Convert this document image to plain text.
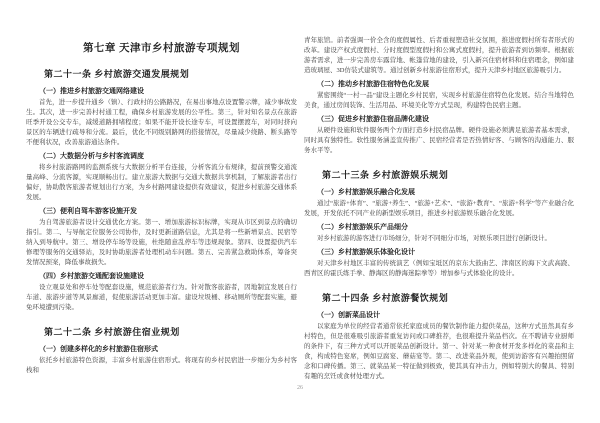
第七章 天津市乡村旅游专项规划

第二十一条 乡村旅游交通发展规划

（一）推进乡村旅游交通网络建设

首先，进一步提升通乡（镇）、行政村的公路路况，在易出事地点设置警示牌，减少事故发生。其次，进一步完善村村通工程，确保乡村旅游发展的公平性。第三，针对知名景点在旅游旺季开设公交专车，减缓道路拥堵程度；如果不能开设长途专车，可设置摆渡车，对同时挤向景区的车辆进行疏导和分流。最后，优化不同级别路网的搭接情况，尽量减少绕路、断头路等不便利状况，改善旅游通达条件。

（二）大数据分析与乡村客流调度

将乡村旅游路网的监测系统与大数据分析平台连接，分析客流分布规律，提前预警交通流量高峰、分流客源，实现顺畅出行。建立旅游大数据与交通大数据共享机制，了解旅游者出行偏好，协助散客旅游者规划出行方案，为乡村路网建设提供有效建议，促进乡村旅游交通体系发展。

（三）便利自驾车游客设施开发

为自驾游旅游者设计交通优化方案。第一、增加旅游标识标牌，实现从市区到景点的确切指引。第二、与导航定位服务公司协作，及时更新道路信息，尤其是将一些新增景点、民宿等纳入到导航中。第三、增设停车场等设施，杜绝随意乱停车等违规现象。第四、设置提供汽车修理等服务的交通驿站，及时协助旅游者处理机动车问题。第五、完善紧急救助体系，筹备突发情况预案，降低事故损失。

（四）乡村旅游交通配套设施建设

设立观景处和停车处等配套设施，规范旅游者行为。针对散客旅游者，因地制宜发展自行车道、旅游步道等风景廊道，促使旅游活动更加丰富。建设垃圾桶、移动厕所等配套实施，避免环境遭到污染。

第二十二条 乡村旅游住宿业规划

（一）创建多样化的乡村旅游住宿形式

依托乡村旅游特色资源，丰富乡村旅游住宿形式。将现有的乡村民宿进一步细分为乡村客栈和

青年旅馆。前者强调一价全含的度假属性、后者重视塑造社交氛围，推进度假村所有者形式的改革。建设产权式度假村、分时度假型度假村和公寓式度假村，提升旅游者到访频率。根据旅游者需求，进一步完善房车露营地、帐篷营地的建设，引入新兴住宿材料和住宿理念，例如建造玻璃屋、3D仿装式建筑等。通过创新乡村旅游住宿形式，提升天津乡村地区旅游吸引力。

（二）推动乡村旅游住宿特色化发展

紧密围绕“一村一品”建设主题化乡村民宿，实现乡村旅游住宿特色化发展。结合当地特色美食，通过房间装饰、生活用品、环境美化等方式呈现，构建特色民宿主题。

（三）促进乡村旅游住宿品牌化建设

从硬件设施和软件服务两个方面打造乡村民宿品牌。硬件设施必须满足旅游者基本需求，同时具有独特性。软性服务涵盖宣传推广、民宿经营者是否热情好客、与顾客的沟通能力、服务水平等。

第二十三条 乡村旅游娱乐规划

（一）乡村旅游娱乐融合化发展

通过“旅游+体育”、“旅游+养生”、“旅游+艺术”、“旅游+教育”、“旅游+科学”等产业融合化发展，开发依托不同产业的新型娱乐项目，推进乡村旅游娱乐融合化发展。

（二）乡村旅游娱乐产品细分

对乡村旅游的游客进行市场细分，针对不同细分市场，对娱乐项目进行创新设计。

（三）乡村旅游娱乐体验化设计

对天津乡村地区丰富的传统演艺（例如宝坻区的京东大鼓曲艺、津南区的海下文武高跷、西青区的霍氏练手拳、静海区的静海迷踪拳等）增加参与式体验化的设计。

第二十四条 乡村旅游餐饮规划

（一）创新菜品设计

以家庭为单位的经营者通常依托家庭成员的餐饮制作能力提供菜品，这种方式虽然具有乡村特色，但是很难吸引旅游者重复访问或口碑推荐，也很难提升菜品档次。在不聘请专业厨师的条件下，有三种方式可以开展菜品创新设计。第一、针对某一种食材开发多样化的菜品和主食，构成特色宴席，例如豆腐宴、蘑菇宴等。第二、改进菜品外观，使到访游客有兴趣拍照留念和口碑传播。第三、就菜品某一特征做到极致，使其具有冲击力，例如特别大的餐具、特别有趣的烹饪或食材处理方式。

26
